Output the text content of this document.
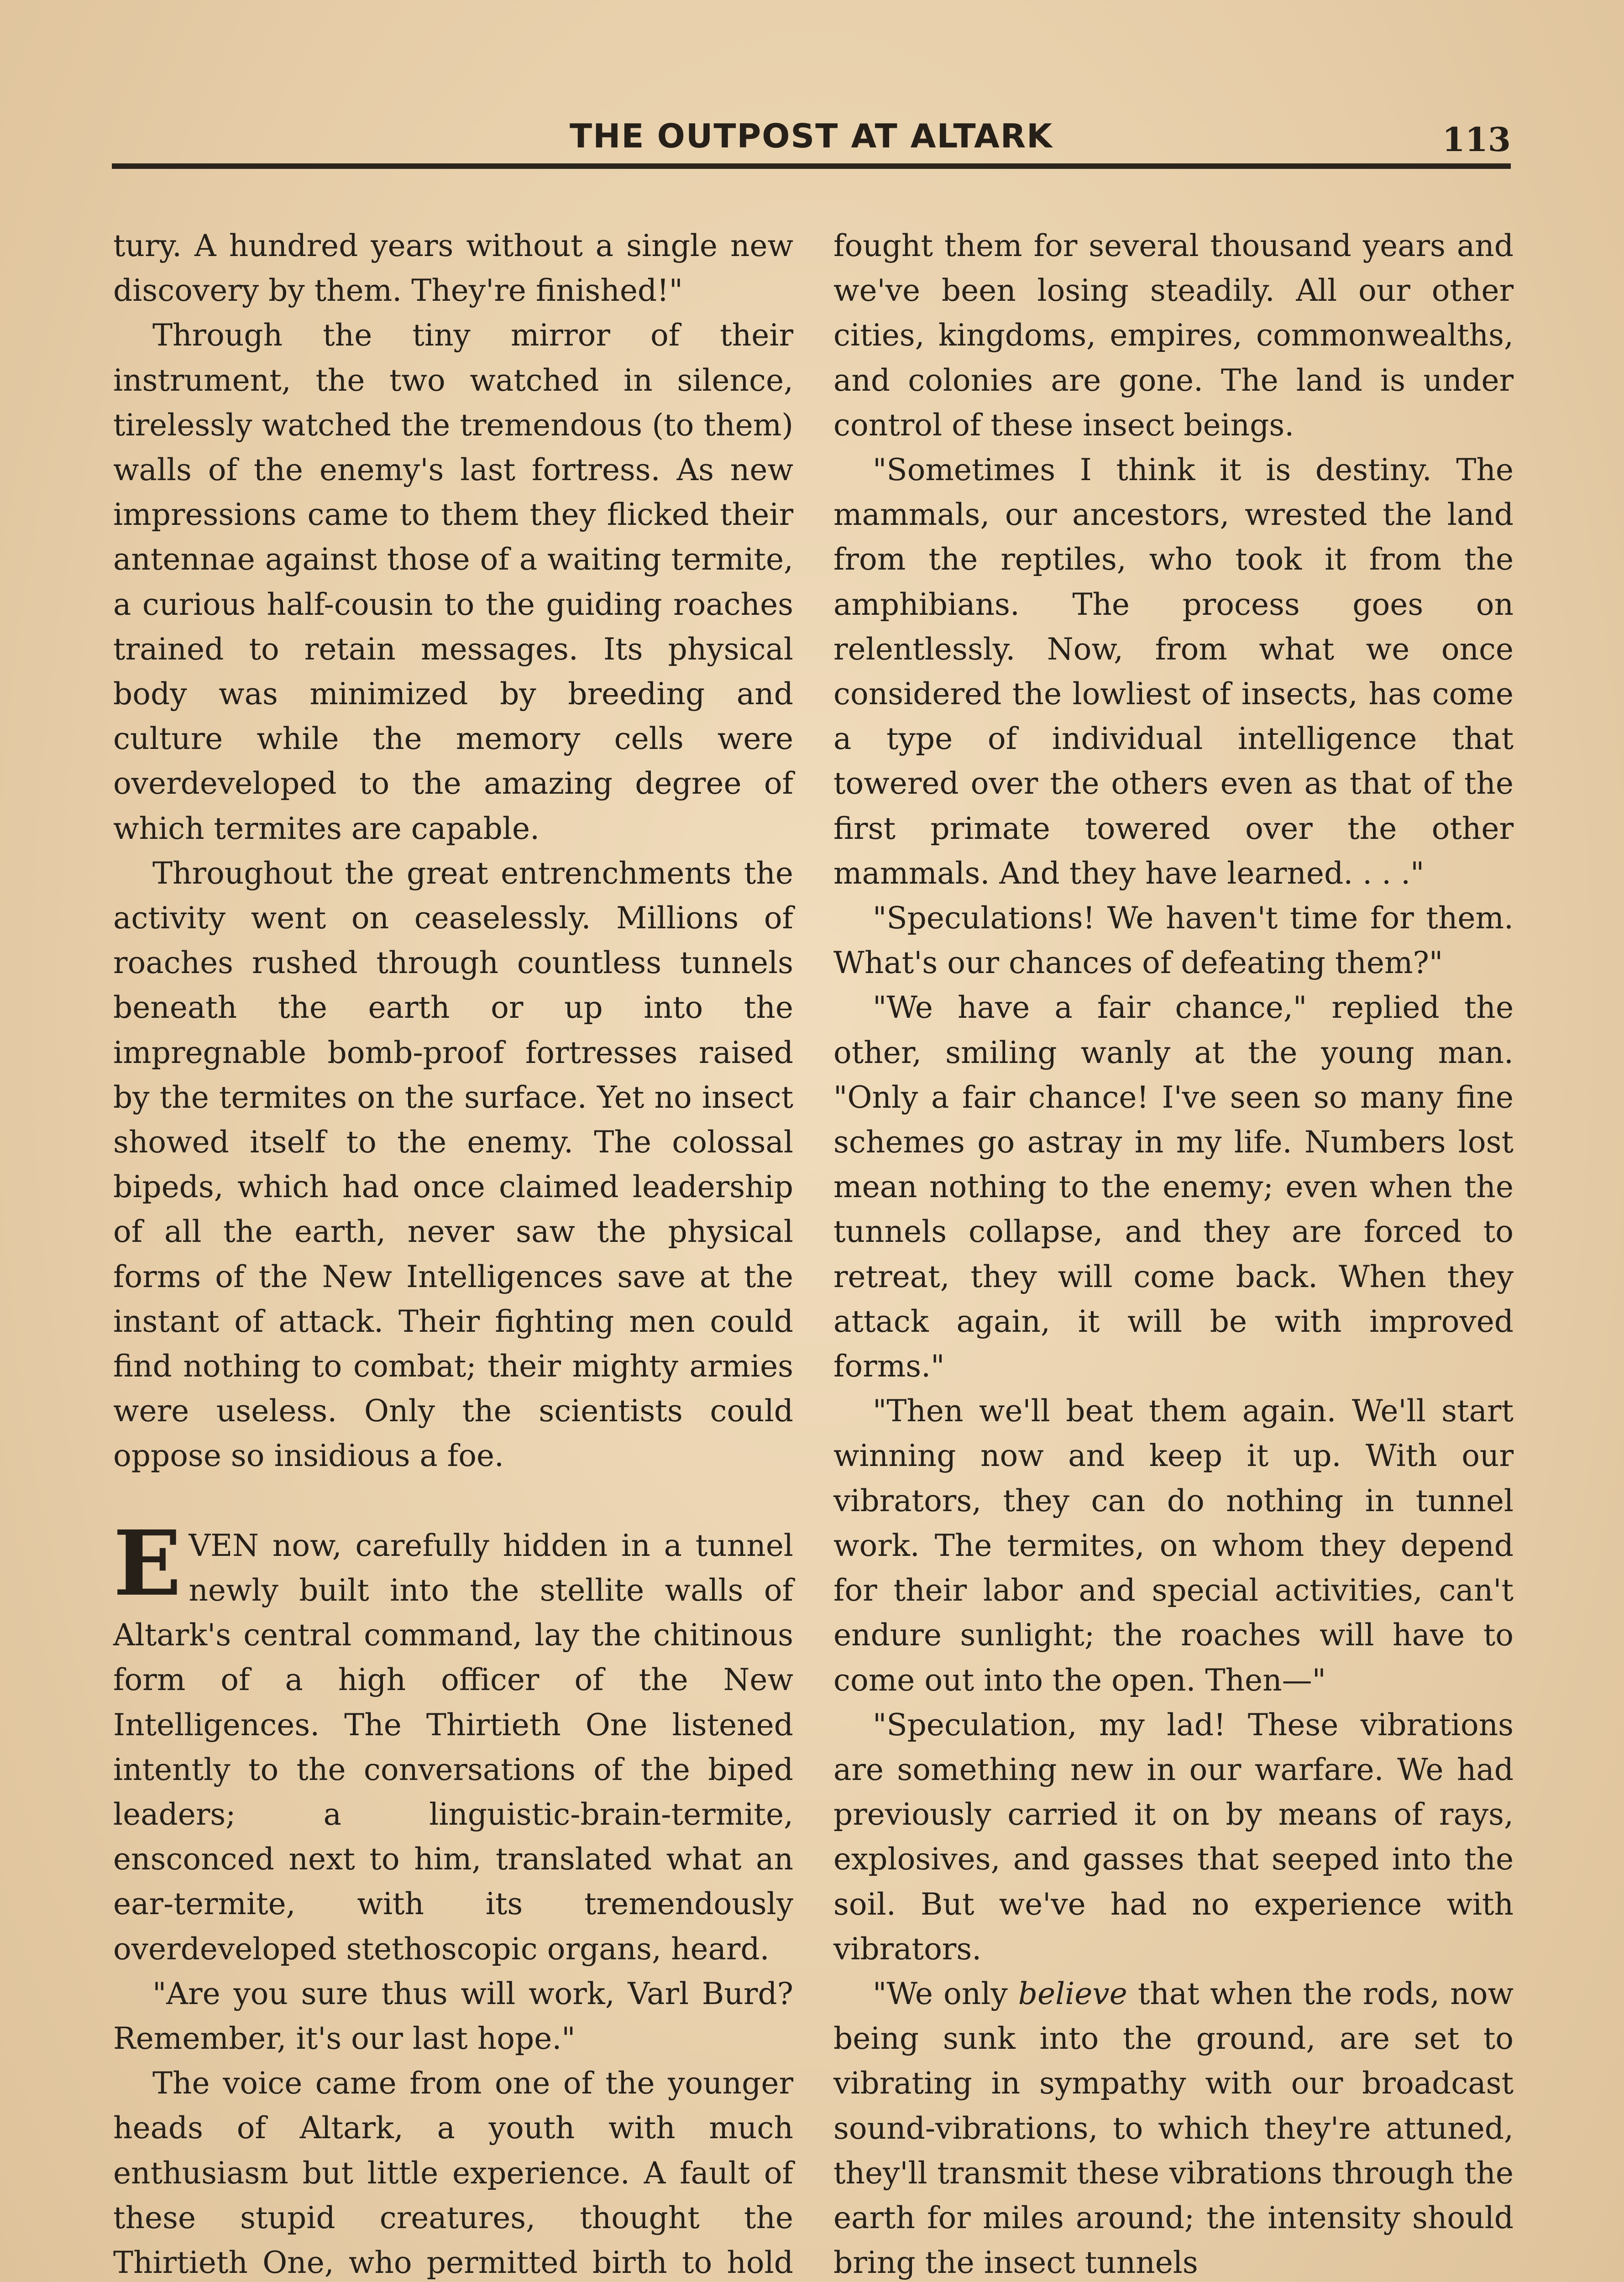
THE OUTPOST AT ALTARK	113

tury. A hundred years without a single new discovery by them. They're finished!"

Through the tiny mirror of their instrument, the two watched in silence, tirelessly watched the tremendous (to them) walls of the enemy's last fortress. As new impressions came to them they flicked their antennae against those of a waiting termite, a curious half-cousin to the guiding roaches trained to retain messages. Its physical body was minimized by breeding and culture while the memory cells were overdeveloped to the amazing degree of which termites are capable.

Throughout the great entrenchments the activity went on ceaselessly. Millions of roaches rushed through countless tunnels beneath the earth or up into the impregnable bomb-proof fortresses raised by the termites on the surface. Yet no insect showed itself to the enemy. The colossal bipeds, which had once claimed leadership of all the earth, never saw the physical forms of the New Intelligences save at the instant of attack. Their fighting men could find nothing to combat; their mighty armies were useless. Only the scientists could oppose so insidious a foe.

EVEN now, carefully hidden in a tunnel newly built into the stellite walls of Altark's central command, lay the chitinous form of a high officer of the New Intelligences. The Thirtieth One listened intently to the conversations of the biped leaders; a linguistic-brain-termite, ensconced next to him, translated what an ear-termite, with its tremendously overdeveloped stethoscopic organs, heard.

"Are you sure thus will work, Varl Burd? Remember, it's our last hope."

The voice came from one of the younger heads of Altark, a youth with much enthusiasm but little experience. A fault of these stupid creatures, thought the Thirtieth One, who permitted birth to hold

fought them for several thousand years and we've been losing steadily. All our other cities, kingdoms, empires, commonwealths, and colonies are gone. The land is under control of these insect beings.

"Sometimes I think it is destiny. The mammals, our ancestors, wrested the land from the reptiles, who took it from the amphibians. The process goes on relentlessly. Now, from what we once considered the lowliest of insects, has come a type of individual intelligence that towered over the others even as that of the first primate towered over the other mammals. And they have learned. . . ."

"Speculations! We haven't time for them. What's our chances of defeating them?"

"We have a fair chance," replied the other, smiling wanly at the young man. "Only a fair chance! I've seen so many fine schemes go astray in my life. Numbers lost mean nothing to the enemy; even when the tunnels collapse, and they are forced to retreat, they will come back. When they attack again, it will be with improved forms."

"Then we'll beat them again. We'll start winning now and keep it up. With our vibrators, they can do nothing in tunnel work. The termites, on whom they depend for their labor and special activities, can't endure sunlight; the roaches will have to come out into the open. Then—"

"Speculation, my lad! These vibrations are something new in our warfare. We had previously carried it on by means of rays, explosives, and gasses that seeped into the soil. But we've had no experience with vibrators.

"We only believe that when the rods, now being sunk into the ground, are set to vibrating in sympathy with our broadcast sound-vibrations, to which they're attuned, they'll transmit these vibrations through the earth for miles around; the intensity should bring the insect tunnels
